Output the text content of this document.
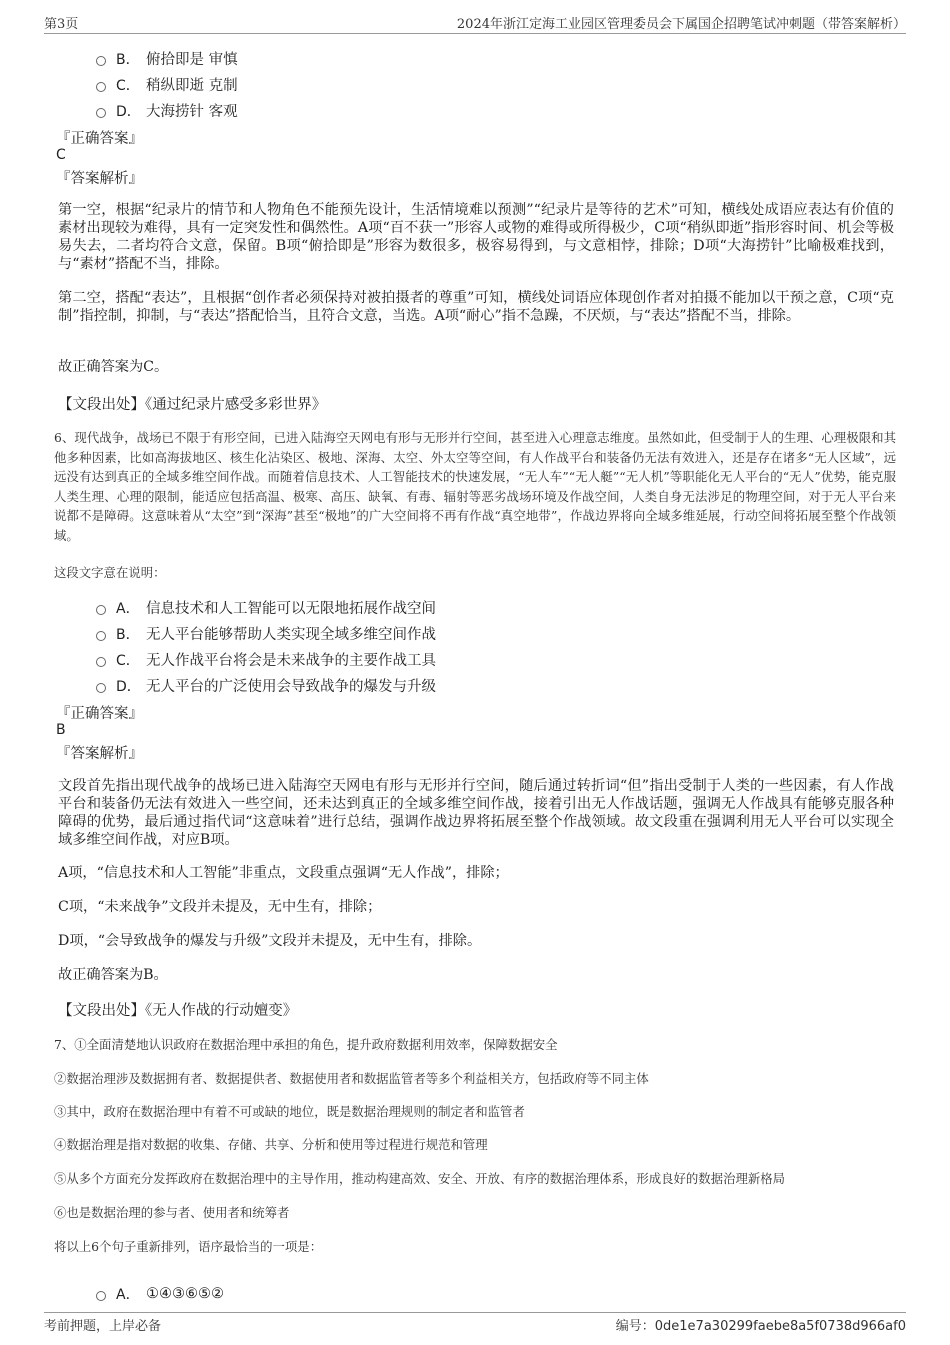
第3页	2024年浙江定海工业园区管理委员会下属国企招聘笔试冲刺题（带答案解析）
B． 俯拾即是 审慎
C． 稍纵即逝 克制
D． 大海捞针 客观
『正确答案』
C
『答案解析』
第一空，根据“纪录片的情节和人物角色不能预先设计，生活情境难以预测”“纪录片是等待的艺术”可知，横线处成语应表达有价值的素材出现较为难得，具有一定突发性和偶然性。A项“百不获一”形容人或物的难得或所得极少，C项“稍纵即逝”指形容时间、机会等极易失去，二者均符合文意，保留。B项“俯拾即是”形容为数很多，极容易得到，与文意相悖，排除；D项“大海捞针”比喻极难找到，与“素材”搭配不当，排除。
第二空，搭配“表达”，且根据“创作者必须保持对被拍摄者的尊重”可知，横线处词语应体现创作者对拍摄不能加以干预之意，C项“克制”指控制，抑制，与“表达”搭配恰当，且符合文意，当选。A项“耐心”指不急躁，不厌烦，与“表达”搭配不当，排除。
故正确答案为C。
【文段出处】《通过纪录片感受多彩世界》
6、现代战争，战场已不限于有形空间，已进入陆海空天网电有形与无形并行空间，甚至进入心理意志维度。虽然如此，但受制于人的生理、心理极限和其他多种因素，比如高海拔地区、核生化沾染区、极地、深海、太空、外太空等空间，有人作战平台和装备仍无法有效进入，还是存在诸多“无人区域”，远远没有达到真正的全域多维空间作战。而随着信息技术、人工智能技术的快速发展，“无人车”“无人艇”“无人机”等职能化无人平台的“无人”优势，能克服人类生理、心理的限制，能适应包括高温、极寒、高压、缺氧、有毒、辐射等恶劣战场环境及作战空间，人类自身无法涉足的物理空间，对于无人平台来说都不是障碍。这意味着从“太空”到“深海”甚至“极地”的广大空间将不再有作战“真空地带”，作战边界将向全域多维延展，行动空间将拓展至整个作战领域。
这段文字意在说明：
A． 信息技术和人工智能可以无限地拓展作战空间
B． 无人平台能够帮助人类实现全域多维空间作战
C． 无人作战平台将会是未来战争的主要作战工具
D． 无人平台的广泛使用会导致战争的爆发与升级
『正确答案』
B
『答案解析』
文段首先指出现代战争的战场已进入陆海空天网电有形与无形并行空间，随后通过转折词“但”指出受制于人类的一些因素，有人作战平台和装备仍无法有效进入一些空间，还未达到真正的全域多维空间作战，接着引出无人作战话题，强调无人作战具有能够克服各种障碍的优势，最后通过指代词“这意味着”进行总结，强调作战边界将拓展至整个作战领域。故文段重在强调利用无人平台可以实现全域多维空间作战，对应B项。
A项，“信息技术和人工智能”非重点，文段重点强调“无人作战”，排除；
C项，“未来战争”文段并未提及，无中生有，排除；
D项，“会导致战争的爆发与升级”文段并未提及，无中生有，排除。
故正确答案为B。
【文段出处】《无人作战的行动嬗变》
7、①全面清楚地认识政府在数据治理中承担的角色，提升政府数据利用效率，保障数据安全
②数据治理涉及数据拥有者、数据提供者、数据使用者和数据监管者等多个利益相关方，包括政府等不同主体
③其中，政府在数据治理中有着不可或缺的地位，既是数据治理规则的制定者和监管者
④数据治理是指对数据的收集、存储、共享、分析和使用等过程进行规范和管理
⑤从多个方面充分发挥政府在数据治理中的主导作用，推动构建高效、安全、开放、有序的数据治理体系，形成良好的数据治理新格局
⑥也是数据治理的参与者、使用者和统筹者
将以上6个句子重新排列，语序最恰当的一项是：
A． ①④③⑥⑤②
考前押题，上岸必备	编号：0de1e7a30299faebe8a5f0738d966af0
